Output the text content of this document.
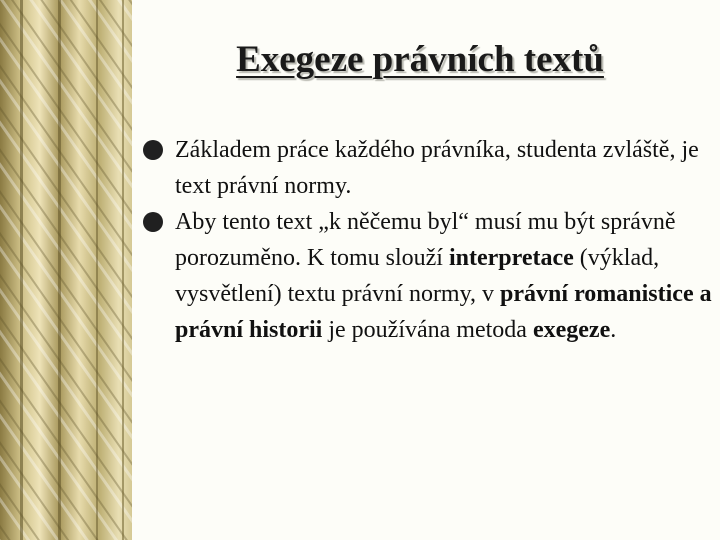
Exegeze právních textů
Základem práce každého právníka, studenta zvláště, je text právní normy.
Aby tento text „k něčemu byl“ musí mu být správně porozuměno. K tomu slouží interpretace (výklad, vysvětlení) textu právní normy, v právní romanistice a právní historii je používána metoda exegeze.
